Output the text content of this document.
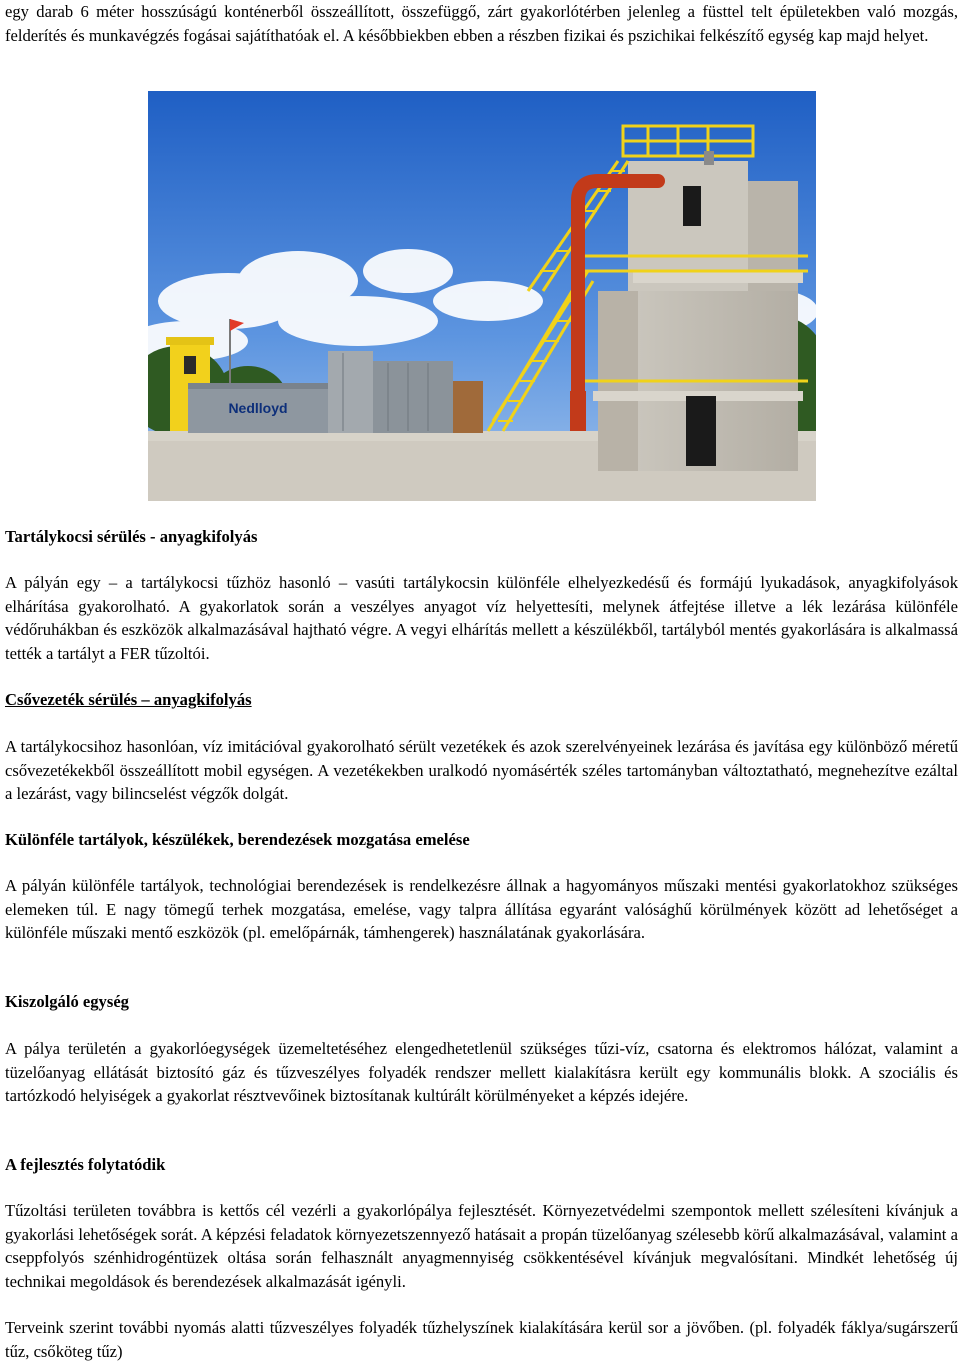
egy darab 6 méter hosszúságú konténerből összeállított, összefüggő, zárt gyakorlótérben jelenleg a füsttel telt épületekben való mozgás, felderítés és munkavégzés fogásai sajátíthatóak el. A későbbiekben ebben a részben fizikai és pszichikai felkészítő egység kap majd helyet.

Nedlloyd
Tartálykocsi sérülés - anyagkifolyás

A pályán egy – a tartálykocsi tűzhöz hasonló – vasúti tartálykocsin különféle elhelyezkedésű és formájú lyukadások, anyagkifolyások elhárítása gyakorolható. A gyakorlatok során a veszélyes anyagot víz helyettesíti, melynek átfejtése illetve a lék lezárása különféle védőruhákban és eszközök alkalmazásával hajtható végre. A vegyi elhárítás mellett a készülékből, tartályból mentés gyakorlására is alkalmassá tették a tartályt a FER tűzoltói.

Csővezeték sérülés – anyagkifolyás

A tartálykocsihoz hasonlóan, víz imitációval gyakorolható sérült vezetékek és azok szerelvényeinek lezárása és javítása egy különböző méretű csővezetékekből összeállított mobil egységen. A vezetékekben uralkodó nyomásérték széles tartományban változtatható, megnehezítve ezáltal a lezárást, vagy bilincselést végzők dolgát.

Különféle tartályok, készülékek, berendezések mozgatása emelése

A pályán különféle tartályok, technológiai berendezések is rendelkezésre állnak a hagyományos műszaki mentési gyakorlatokhoz szükséges elemeken túl. E nagy tömegű terhek mozgatása, emelése, vagy talpra állítása egyaránt valósághű körülmények között ad lehetőséget a különféle műszaki mentő eszközök (pl. emelőpárnák, támhengerek) használatának gyakorlására.

Kiszolgáló egység

A pálya területén a gyakorlóegységek üzemeltetéséhez elengedhetetlenül szükséges tűzi-víz, csatorna és elektromos hálózat, valamint a tüzelőanyag ellátását biztosító gáz és tűzveszélyes folyadék rendszer mellett kialakításra került egy kommunális blokk. A szociális és tartózkodó helyiségek a gyakorlat résztvevőinek biztosítanak kultúrált körülményeket a képzés idejére.

A fejlesztés folytatódik

Tűzoltási területen továbbra is kettős cél vezérli a gyakorlópálya fejlesztését. Környezetvédelmi szempontok mellett szélesíteni kívánjuk a gyakorlási lehetőségek sorát. A képzési feladatok környezetszennyező hatásait a propán tüzelőanyag szélesebb körű alkalmazásával, valamint a cseppfolyós szénhidrogéntüzek oltása során felhasznált anyagmennyiség csökkentésével kívánjuk megvalósítani. Mindkét lehetőség új technikai megoldások és berendezések alkalmazását igényli.

Terveink szerint további nyomás alatti tűzveszélyes folyadék tűzhelyszínek kialakítására kerül sor a jövőben. (pl. folyadék fáklya/sugárszerű tűz, csőköteg tűz)
